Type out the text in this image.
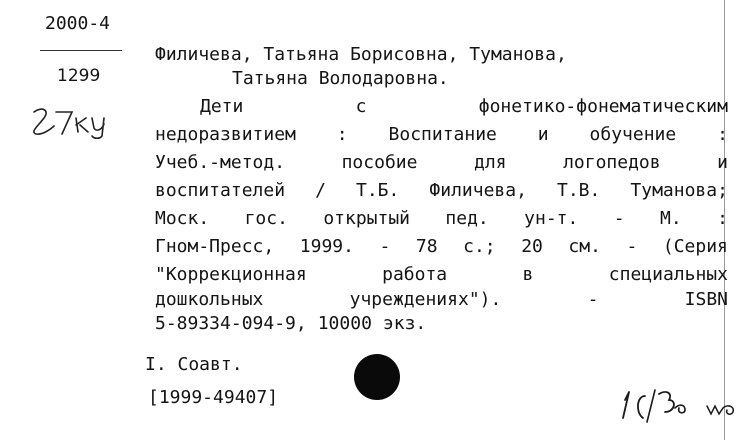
2000-4
1299
Филичева, Татьяна Борисовна, Туманова,
Татьяна Володаровна.
Дети	с	фонетико-фонематическим
недоразвитием : Воспитание и обучение :
Учеб.-метод.	пособие	для	логопедов	и
воспитателей / Т.Б. Филичева, Т.В. Туманова;
Моск. гос. открытый пед. ун-т. - М. :
Гном-Пресс, 1999. - 78 с.; 20 см. - (Серия
"Коррекционная	работа	в	специальных
дошкольных	учреждениях").	-	ISBN
5-89334-094-9, 10000 экз.
I. Соавт.
[1999-49407]
